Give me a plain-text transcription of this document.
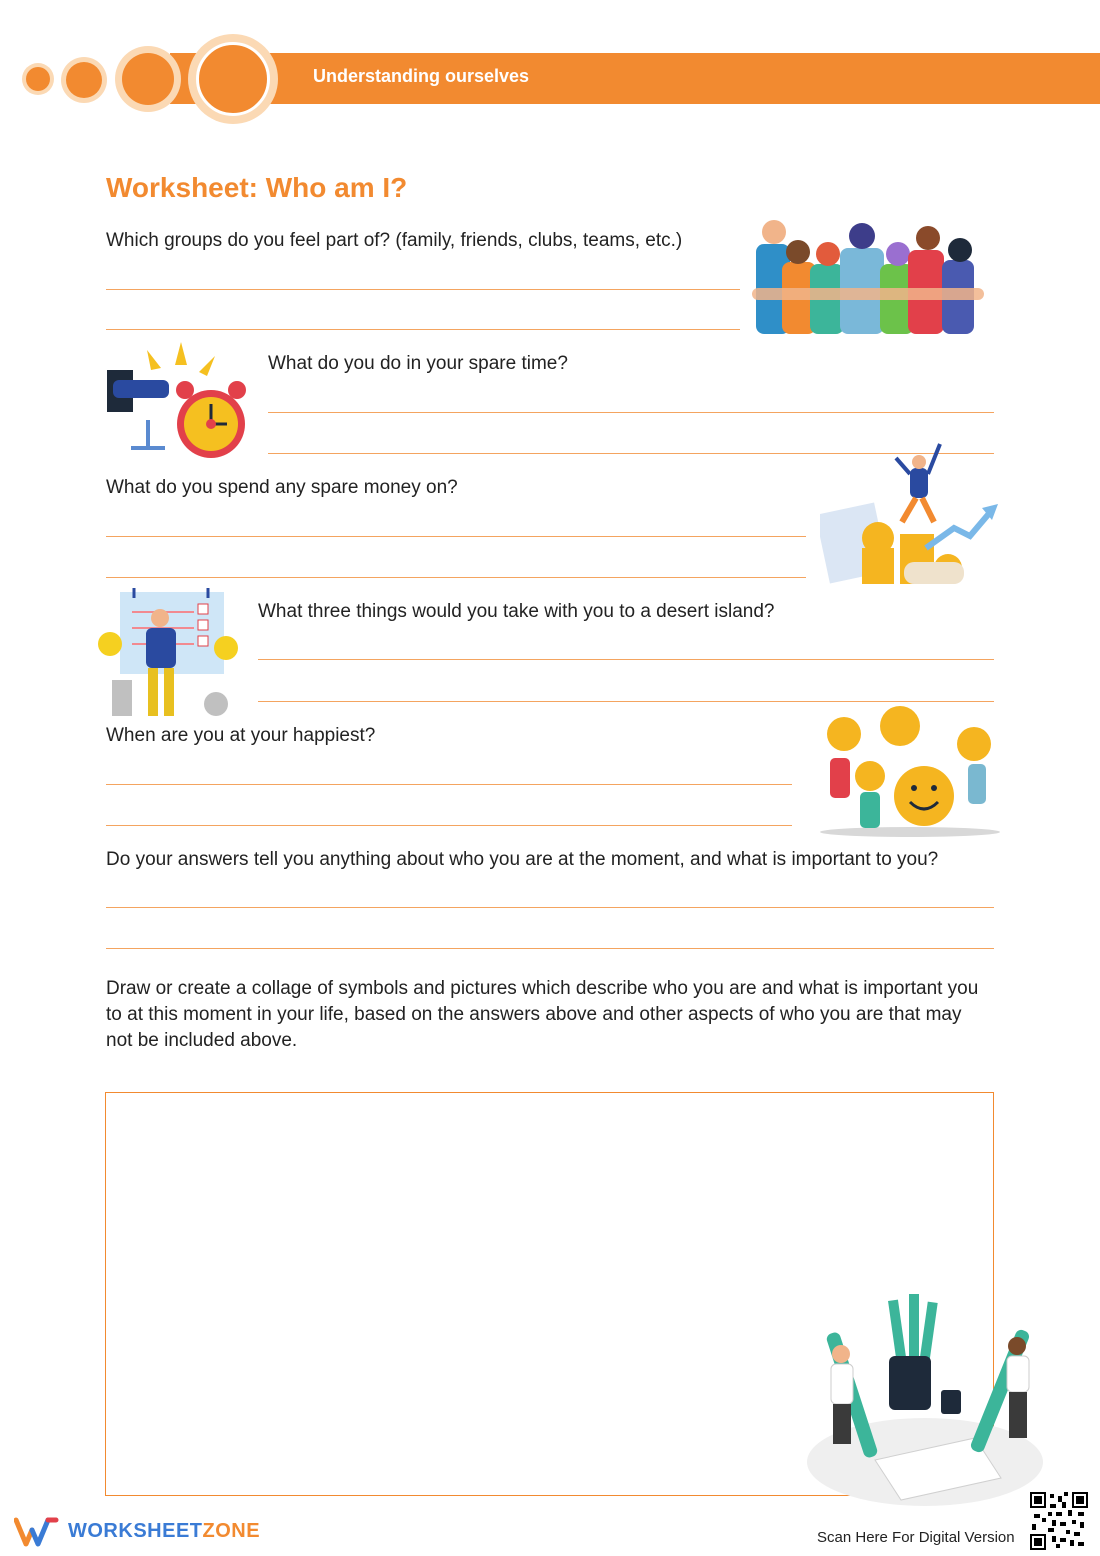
Understanding ourselves
Worksheet: Who am I?
Which groups do you feel part of? (family, friends, clubs, teams, etc.)
What do you do in your spare time?
What do you spend any spare money on?
What three things would you take with you to a desert island?
When are you at your happiest?
Do your answers tell you anything about who you are at the moment, and what is important to you?
Draw or create a collage of symbols and pictures which describe who you are and what is important you to at this moment in your life, based on the answers above and other aspects of who you are that may not be included above.
WORKSHEETZONE	Scan Here For Digital Version
